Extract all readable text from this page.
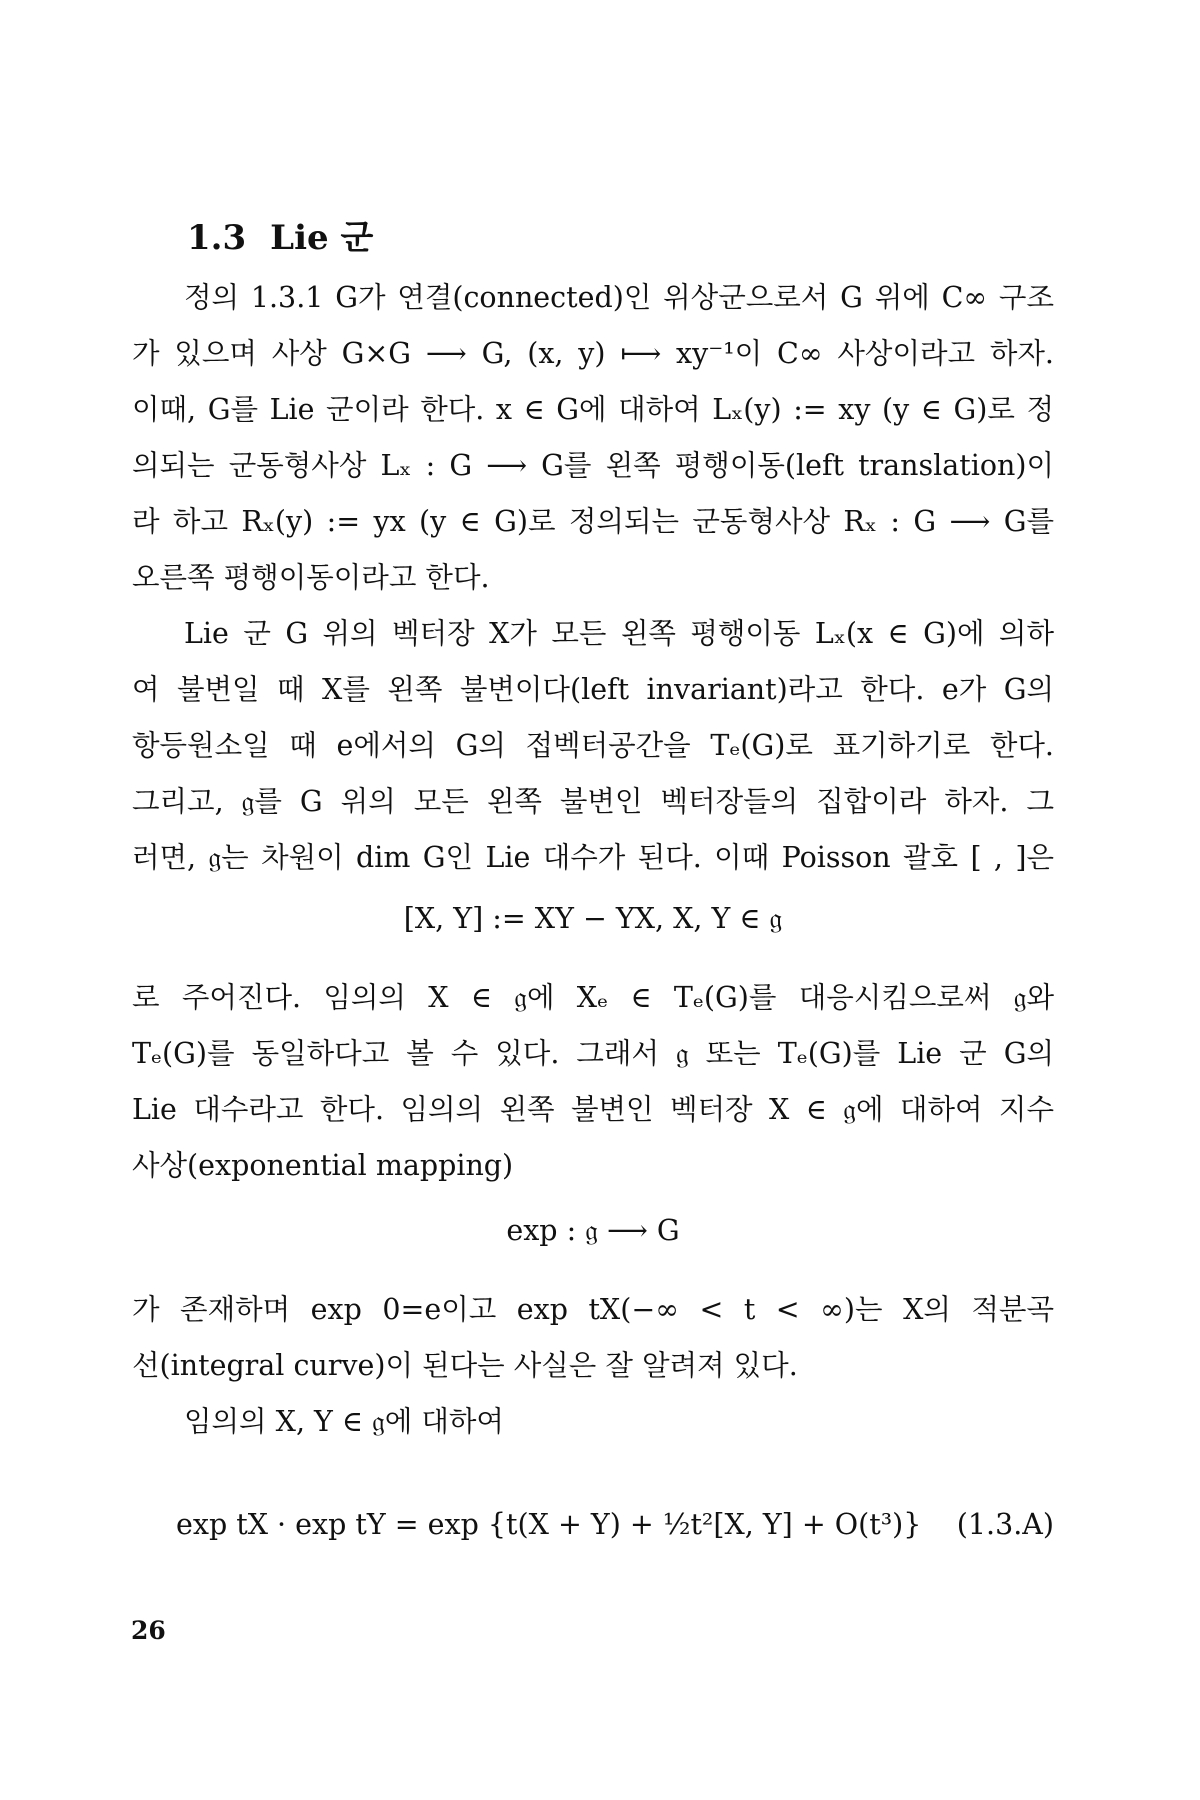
1.3 Lie 군
정의 1.3.1 G가 연결(connected)인 위상군으로서 G 위에 C∞ 구조
가 있으며 사상 G×G ⟶ G, (x, y) ⟼ xy⁻¹이 C∞ 사상이라고 하자.
이때, G를 Lie 군이라 한다. x ∈ G에 대하여 Lₓ(y) := xy (y ∈ G)로 정
의되는 군동형사상 Lₓ : G ⟶ G를 왼쪽 평행이동(left translation)이
라 하고 Rₓ(y) := yx (y ∈ G)로 정의되는 군동형사상 Rₓ : G ⟶ G를
오른쪽 평행이동이라고 한다.
Lie 군 G 위의 벡터장 X가 모든 왼쪽 평행이동 Lₓ(x ∈ G)에 의하
여 불변일 때 X를 왼쪽 불변이다(left invariant)라고 한다. e가 G의
항등원소일 때 e에서의 G의 접벡터공간을 Tₑ(G)로 표기하기로 한다.
그리고, 𝔤를 G 위의 모든 왼쪽 불변인 벡터장들의 집합이라 하자. 그
러면, 𝔤는 차원이 dim G인 Lie 대수가 된다. 이때 Poisson 괄호 [ , ]은
[X, Y] := XY − YX, X, Y ∈ 𝔤
로 주어진다. 임의의 X ∈ 𝔤에 Xₑ ∈ Tₑ(G)를 대응시킴으로써 𝔤와
Tₑ(G)를 동일하다고 볼 수 있다. 그래서 𝔤 또는 Tₑ(G)를 Lie 군 G의
Lie 대수라고 한다. 임의의 왼쪽 불변인 벡터장 X ∈ 𝔤에 대하여 지수
사상(exponential mapping)
exp : 𝔤 ⟶ G
가 존재하며 exp 0=e이고 exp tX(−∞ < t < ∞)는 X의 적분곡
선(integral curve)이 된다는 사실은 잘 알려져 있다.
임의의 X, Y ∈ 𝔤에 대하여
exp tX · exp tY = exp {t(X + Y) + ½t²[X, Y] + O(t³)} (1.3.A)
26
